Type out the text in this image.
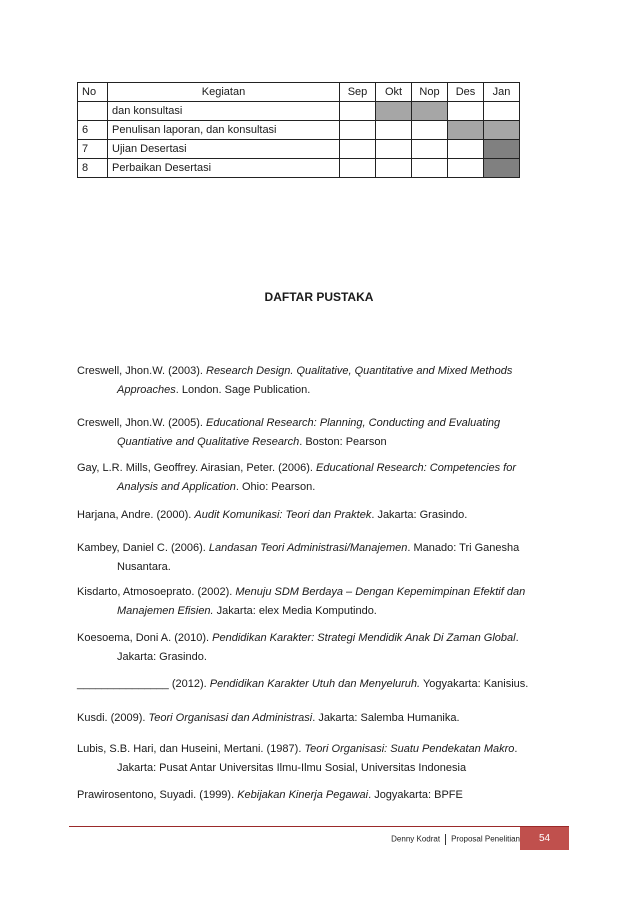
No	Kegiatan	Sep	Okt	Nop	Des	Jan
	dan konsultasi					
6	Penulisan laporan, dan konsultasi					
7	Ujian Desertasi					
8	Perbaikan Desertasi					
DAFTAR PUSTAKA

Creswell, Jhon.W. (2003). Research Design. Qualitative, Quantitative and Mixed Methods
Approaches. London. Sage Publication.

Creswell, Jhon.W. (2005). Educational Research: Planning, Conducting and Evaluating
Quantiative and Qualitative Research. Boston: Pearson

Gay, L.R. Mills, Geoffrey. Airasian, Peter. (2006). Educational Research: Competencies for
Analysis and Application. Ohio: Pearson.

Harjana, Andre. (2000). Audit Komunikasi: Teori dan Praktek. Jakarta: Grasindo.

Kambey, Daniel C. (2006). Landasan Teori Administrasi/Manajemen. Manado: Tri Ganesha
Nusantara.

Kisdarto, Atmosoeprato. (2002). Menuju SDM Berdaya – Dengan Kepemimpinan Efektif dan
Manajemen Efisien. Jakarta: elex Media Komputindo.

Koesoema, Doni A. (2010). Pendidikan Karakter: Strategi Mendidik Anak Di Zaman Global.
Jakarta: Grasindo.

_______________ (2012). Pendidikan Karakter Utuh dan Menyeluruh. Yogyakarta: Kanisius.

Kusdi. (2009). Teori Organisasi dan Administrasi. Jakarta: Salemba Humanika.

Lubis, S.B. Hari, dan Huseini, Mertani. (1987). Teori Organisasi: Suatu Pendekatan Makro.
Jakarta: Pusat Antar Universitas Ilmu-Ilmu Sosial, Universitas Indonesia

Prawirosentono, Suyadi. (1999). Kebijakan Kinerja Pegawai. Jogyakarta: BPFE

Denny Kodrat Proposal Penelitian	54
